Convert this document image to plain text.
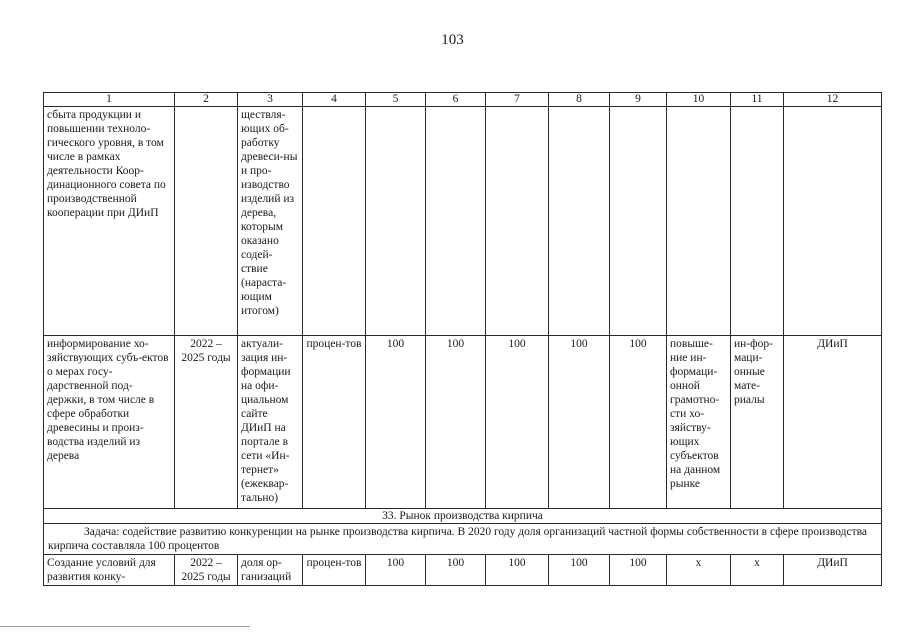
103
1	2	3	4	5	6	7	8	9	10	11	12
сбыта продукции и повышении техноло-гического уровня, в том числе в рамках деятельности Коор-динационного совета по производственной кооперации при ДИиП		ществля-ющих об-работку древеси-ны и про-изводство изделий из дерева, которым оказано содей-ствие (нараста-ющим итогом)									
информирование хо-зяйствующих субъ-ектов о мерах госу-дарственной под-держки, в том числе в сфере обработки древесины и произ-водства изделий из дерева	2022 – 2025 годы	актуали-зация ин-формации на офи-циальном сайте ДИиП на портале в сети «Ин-тернет» (ежеквар-тально)	процен-тов	100	100	100	100	100	повыше-ние ин-формаци-онной грамотно-сти хо-зяйству-ющих субъектов на данном рынке	ин-фор-маци-онные мате-риалы	ДИиП
33. Рынок производства кирпича											
Задача: содействие развитию конкуренции на рынке производства кирпича. В 2020 году доля организаций частной формы собственности в сфере производства кирпича составляла 100 процентов											
Создание условий для развития конку-	2022 – 2025 годы	доля ор-ганизаций	процен-тов	100	100	100	100	100	х	х	ДИиП
